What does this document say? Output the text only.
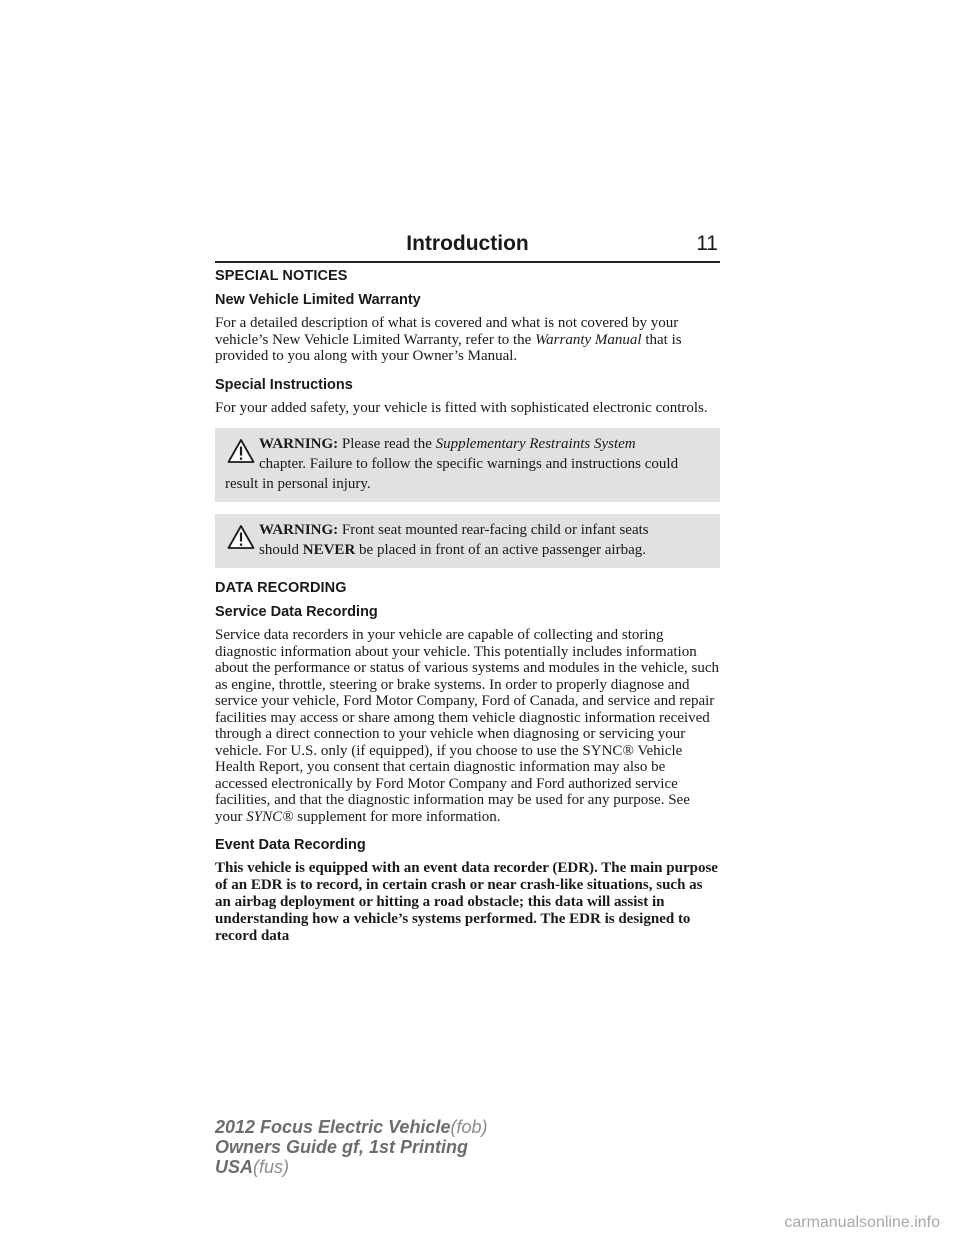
Introduction	11
SPECIAL NOTICES
New Vehicle Limited Warranty

For a detailed description of what is covered and what is not covered by your vehicle’s New Vehicle Limited Warranty, refer to the Warranty Manual that is provided to you along with your Owner’s Manual.

Special Instructions

For your added safety, your vehicle is fitted with sophisticated electronic controls.

WARNING: Please read the Supplementary Restraints System
chapter. Failure to follow the specific warnings and instructions could result in personal injury.
WARNING: Front seat mounted rear-facing child or infant seats should NEVER be placed in front of an active passenger airbag.
DATA RECORDING
Service Data Recording

Service data recorders in your vehicle are capable of collecting and storing diagnostic information about your vehicle. This potentially includes information about the performance or status of various systems and modules in the vehicle, such as engine, throttle, steering or brake systems. In order to properly diagnose and service your vehicle, Ford Motor Company, Ford of Canada, and service and repair facilities may access or share among them vehicle diagnostic information received through a direct connection to your vehicle when diagnosing or servicing your vehicle. For U.S. only (if equipped), if you choose to use the SYNC® Vehicle Health Report, you consent that certain diagnostic information may also be accessed electronically by Ford Motor Company and Ford authorized service facilities, and that the diagnostic information may be used for any purpose. See your SYNC® supplement for more information.

Event Data Recording

This vehicle is equipped with an event data recorder (EDR). The main purpose of an EDR is to record, in certain crash or near crash-like situations, such as an airbag deployment or hitting a road obstacle; this data will assist in understanding how a vehicle’s systems performed. The EDR is designed to record data

2012 Focus Electric Vehicle(fob)
Owners Guide gf, 1st Printing
USA(fus)
carmanualsonline.info
